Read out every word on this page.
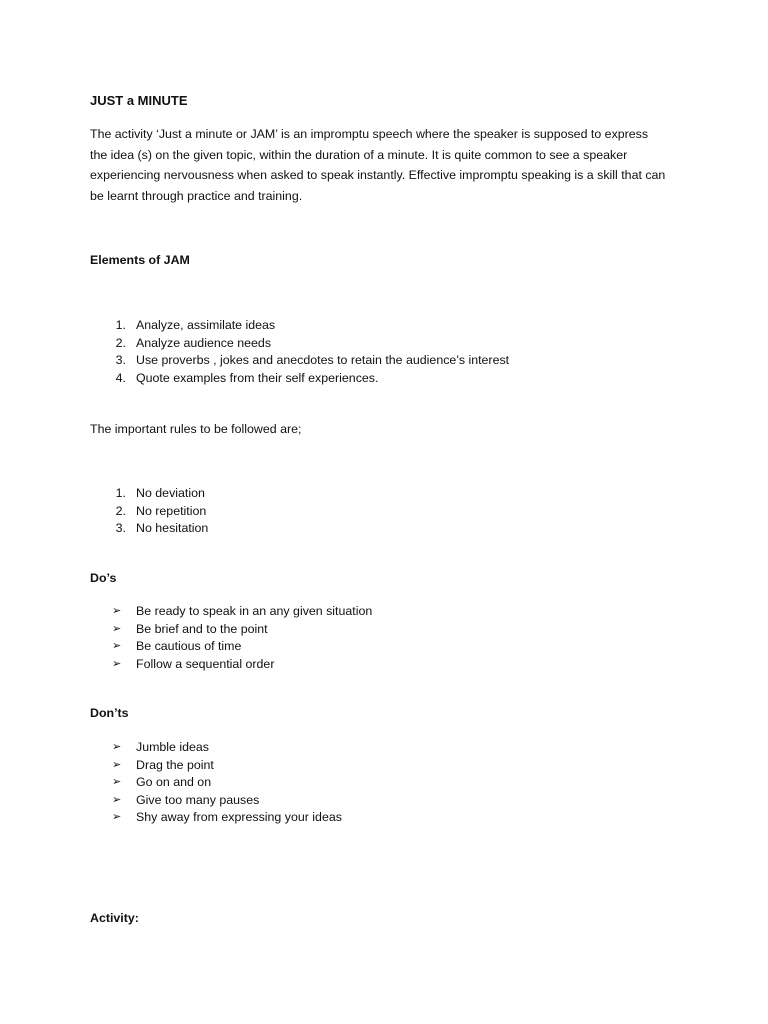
JUST a MINUTE
The activity ‘Just a minute or JAM’ is an impromptu speech where the speaker is supposed to express
the idea (s) on the given topic, within the duration of a minute. It is quite common to see a speaker
experiencing nervousness when asked to speak instantly. Effective impromptu speaking is a skill that can
be learnt through practice and training.
Elements of JAM
1. Analyze, assimilate ideas
2. Analyze audience needs
3. Use proverbs , jokes and anecdotes to retain the audience’s interest
4. Quote examples from their self experiences.
The important rules to be followed are;
1. No deviation
2. No repetition
3. No hesitation
Do’s
➢ Be ready to speak in an any given situation
➢ Be brief and to the point
➢ Be cautious of time
➢ Follow a sequential order
Don’ts
➢ Jumble ideas
➢ Drag the point
➢ Go on and on
➢ Give too many pauses
➢ Shy away from expressing your ideas
Activity:
